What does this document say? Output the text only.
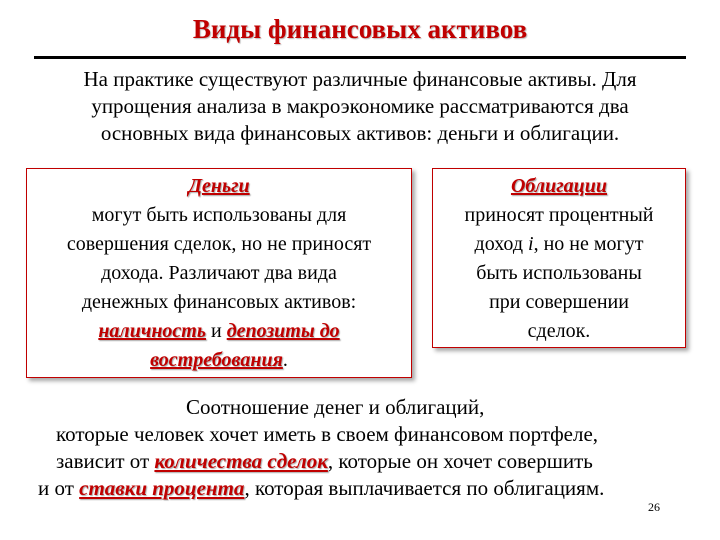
Виды финансовых активов
На практике существуют различные финансовые активы. Для
упрощения анализа в макроэкономике рассматриваются два
основных вида финансовых активов: деньги и облигации.
Деньги
могут быть использованы для
совершения сделок, но не приносят
дохода. Различают два вида
денежных финансовых активов:
наличность и депозиты до
востребования.
Облигации
приносят процентный
доход i, но не могут
быть использованы
при совершении
сделок.
Соотношение денег и облигаций,
которые человек хочет иметь в своем финансовом портфеле,
зависит от количества сделок, которые он хочет совершить
и от ставки процента, которая выплачивается по облигациям.
26
